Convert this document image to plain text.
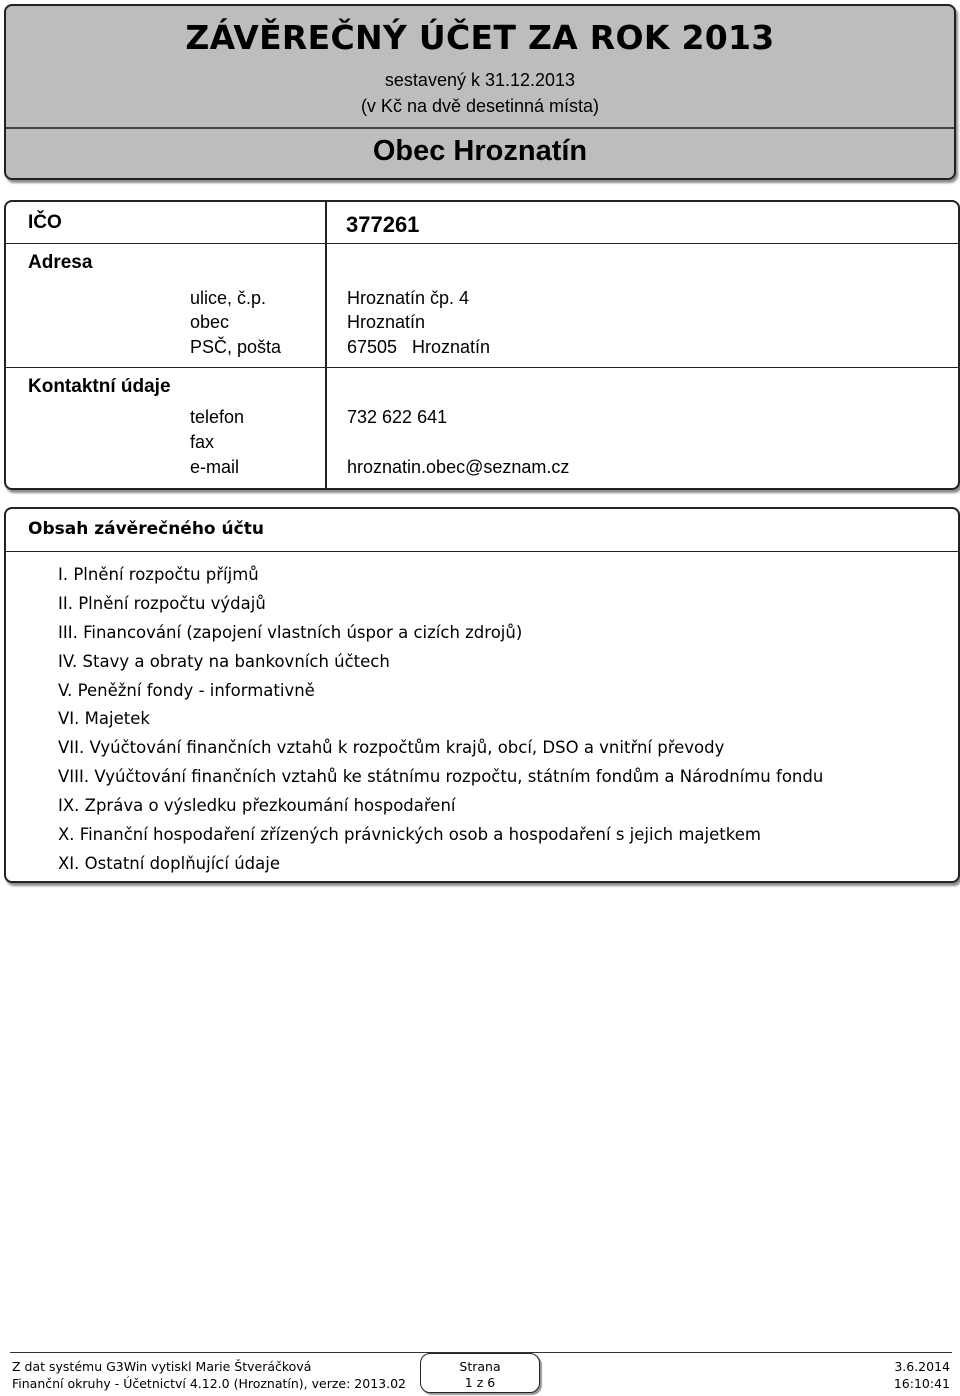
ZÁVĚREČNÝ ÚČET ZA ROK 2013
sestavený k 31.12.2013
(v Kč na dvě desetinná místa)
Obec Hroznatín
IČO	377261
Adresa
ulice, č.p.	Hroznatín čp. 4
obec	Hroznatín
PSČ, pošta	67505 Hroznatín
Kontaktní údaje
telefon	732 622 641
fax
e-mail	hroznatin.obec@seznam.cz
Obsah závěrečného účtu
I. Plnění rozpočtu příjmů
II. Plnění rozpočtu výdajů
III. Financování (zapojení vlastních úspor a cizích zdrojů)
IV. Stavy a obraty na bankovních účtech
V. Peněžní fondy - informativně
VI. Majetek
VII. Vyúčtování finančních vztahů k rozpočtům krajů, obcí, DSO a vnitřní převody
VIII. Vyúčtování finančních vztahů ke státnímu rozpočtu, státním fondům a Národnímu fondu
IX. Zpráva o výsledku přezkoumání hospodaření
X. Finanční hospodaření zřízených právnických osob a hospodaření s jejich majetkem
XI. Ostatní doplňující údaje
Z dat systému G3Win vytiskl Marie Štveráčková
Finanční okruhy - Účetnictví 4.12.0 (Hroznatín), verze: 2013.02
Strana
1 z 6
3.6.2014
16:10:41
